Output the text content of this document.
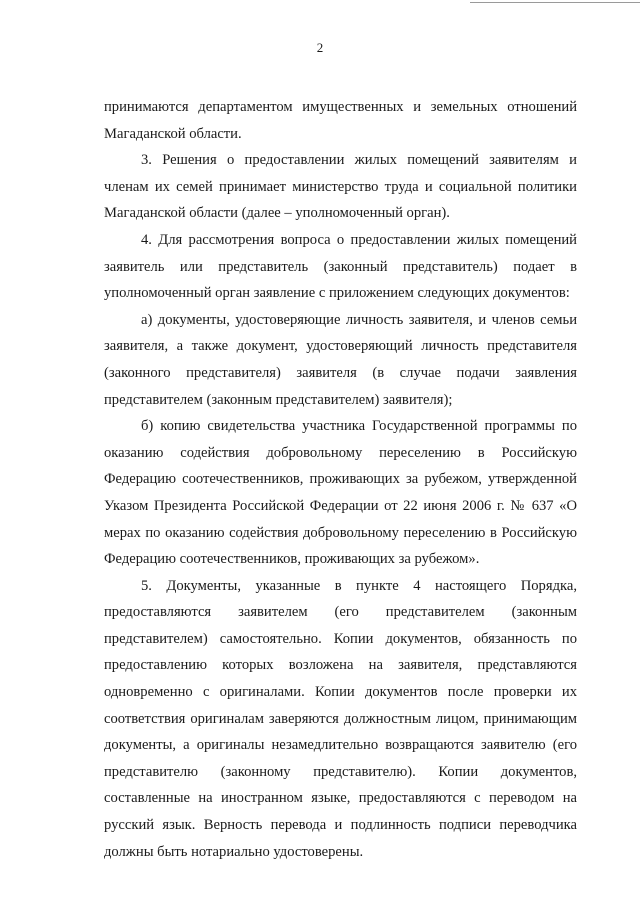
2

принимаются департаментом имущественных и земельных отношений Магаданской области.

3. Решения о предоставлении жилых помещений заявителям и членам их семей принимает министерство труда и социальной политики Магаданской области (далее – уполномоченный орган).

4. Для рассмотрения вопроса о предоставлении жилых помещений заявитель или представитель (законный представитель) подает в уполномоченный орган заявление с приложением следующих документов:

а) документы, удостоверяющие личность заявителя, и членов семьи заявителя, а также документ, удостоверяющий личность представителя (законного представителя) заявителя (в случае подачи заявления представителем (законным представителем) заявителя);

б) копию свидетельства участника Государственной программы по оказанию содействия добровольному переселению в Российскую Федерацию соотечественников, проживающих за рубежом, утвержденной Указом Президента Российской Федерации от 22 июня 2006 г. № 637 «О мерах по оказанию содействия добровольному переселению в Российскую Федерацию соотечественников, проживающих за рубежом».

5. Документы, указанные в пункте 4 настоящего Порядка, предоставляются заявителем (его представителем (законным представителем) самостоятельно. Копии документов, обязанность по предоставлению которых возложена на заявителя, представляются одновременно с оригиналами. Копии документов после проверки их соответствия оригиналам заверяются должностным лицом, принимающим документы, а оригиналы незамедлительно возвращаются заявителю (его представителю (законному представителю). Копии документов, составленные на иностранном языке, предоставляются с переводом на русский язык. Верность перевода и подлинность подписи переводчика должны быть нотариально удостоверены.
